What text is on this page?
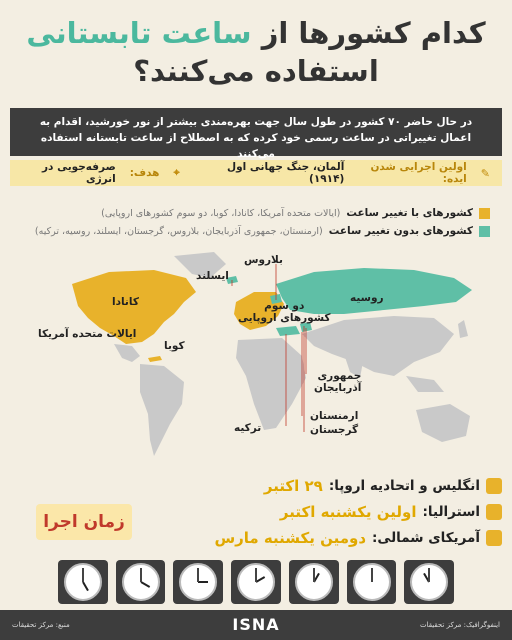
کدام کشورها از ساعت تابستانی
استفاده می‌کنند؟
در حال حاضر ۷۰ کشور در طول سال جهت بهره‌مندی بیشتر از نور خورشید، اقدام به اعمال تغییراتی در ساعت رسمی خود کرده که به اصطلاح از ساعت تابستانه استفاده می‌کنند
✎
اولین اجرایی شدن ایده:
آلمان، جنگ جهانی اول (۱۹۱۴)
⌖
هدف:
صرفه‌جویی در انرژی
کشورهای با تغییر ساعت
(ایالات متحده آمریکا، کانادا، کوبا، دو سوم کشورهای اروپایی)
کشورهای بدون تغییر ساعت
(ارمنستان، جمهوری آذربایجان، بلاروس، گرجستان، ایسلند، روسیه، ترکیه)
بلاروس
ایسلند
روسیه
کانادا	دو سوم
کشورهای اروپایی
ایالات متحده آمریکا
کوبا
جمهوری
آذربایجان
ارمنستان
گرجستان
ترکیه
انگلیس و اتحادیه اروپا:
۲۹ اکتبر
استرالیا:
اولین یکشنبه اکتبر
آمریکای شمالی:
دومین یکشنبه مارس
زمان اجرا
اینفوگرافیک: مرکز تحقیقات
ISNA
منبع: مرکز تحقیقات
